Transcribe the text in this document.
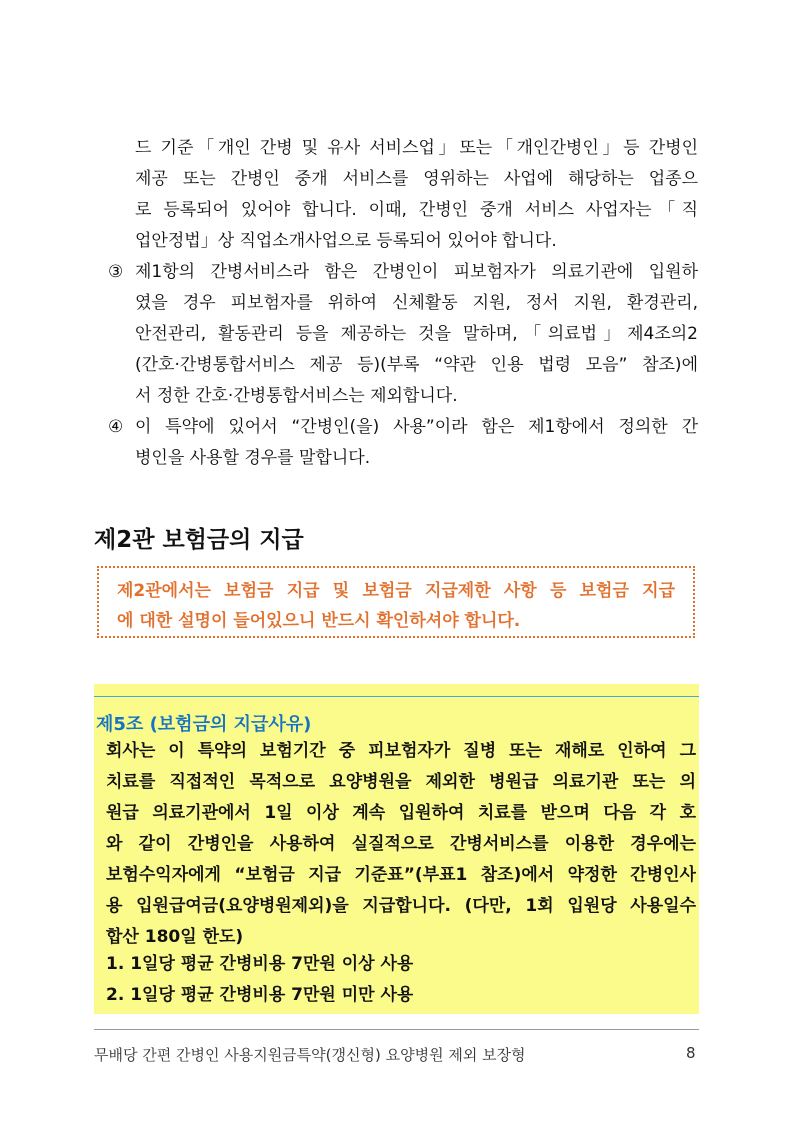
드 기준「개인 간병 및 유사 서비스업」또는「개인간병인」등 간병인
제공 또는 간병인 중개 서비스를 영위하는 사업에 해당하는 업종으
로 등록되어 있어야 합니다. 이때, 간병인 중개 서비스 사업자는「직
업안정법」상 직업소개사업으로 등록되어 있어야 합니다.
③ 제1항의 간병서비스라 함은 간병인이 피보험자가 의료기관에 입원하
였을 경우 피보험자를 위하여 신체활동 지원, 정서 지원, 환경관리,
안전관리, 활동관리 등을 제공하는 것을 말하며,「의료법」제4조의2
(간호·간병통합서비스 제공 등)(부록 “약관 인용 법령 모음” 참조)에
서 정한 간호·간병통합서비스는 제외합니다.
④ 이 특약에 있어서 “간병인(을) 사용”이라 함은 제1항에서 정의한 간
병인을 사용할 경우를 말합니다.
제2관 보험금의 지급
제2관에서는 보험금 지급 및 보험금 지급제한 사항 등 보험금 지급
에 대한 설명이 들어있으니 반드시 확인하셔야 합니다.
제5조 (보험금의 지급사유)
회사는 이 특약의 보험기간 중 피보험자가 질병 또는 재해로 인하여 그
치료를 직접적인 목적으로 요양병원을 제외한 병원급 의료기관 또는 의
원급 의료기관에서 1일 이상 계속 입원하여 치료를 받으며 다음 각 호
와 같이 간병인을 사용하여 실질적으로 간병서비스를 이용한 경우에는
보험수익자에게 “보험금 지급 기준표”(부표1 참조)에서 약정한 간병인사
용 입원급여금(요양병원제외)을 지급합니다. (다만, 1회 입원당 사용일수
합산 180일 한도)
1. 1일당 평균 간병비용 7만원 이상 사용
2. 1일당 평균 간병비용 7만원 미만 사용
무배당 간편 간병인 사용지원금특약(갱신형) 요양병원 제외 보장형	8
